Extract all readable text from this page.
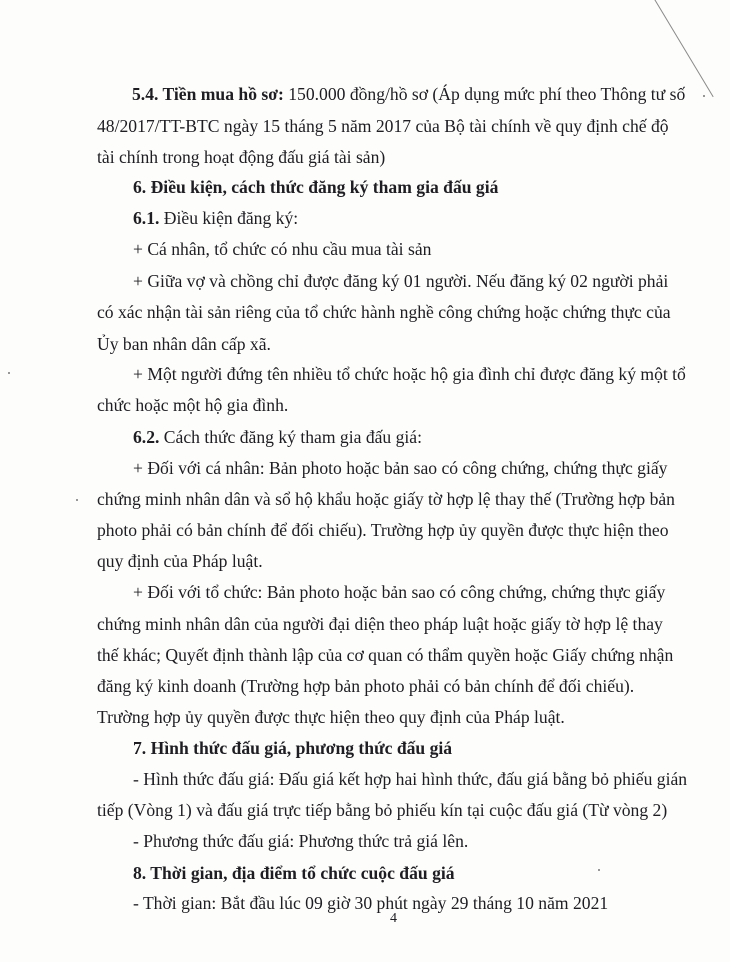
5.4. Tiền mua hồ sơ: 150.000 đồng/hồ sơ (Áp dụng mức phí theo Thông tư số
48/2017/TT-BTC ngày 15 tháng 5 năm 2017 của Bộ tài chính về quy định chế độ
tài chính trong hoạt động đấu giá tài sản)
6. Điều kiện, cách thức đăng ký tham gia đấu giá
6.1. Điều kiện đăng ký:
+ Cá nhân, tổ chức có nhu cầu mua tài sản
+ Giữa vợ và chồng chỉ được đăng ký 01 người. Nếu đăng ký 02 người phải
có xác nhận tài sản riêng của tổ chức hành nghề công chứng hoặc chứng thực của
Ủy ban nhân dân cấp xã.
+ Một người đứng tên nhiều tổ chức hoặc hộ gia đình chỉ được đăng ký một tổ
chức hoặc một hộ gia đình.
6.2. Cách thức đăng ký tham gia đấu giá:
+ Đối với cá nhân: Bản photo hoặc bản sao có công chứng, chứng thực giấy
chứng minh nhân dân và sổ hộ khẩu hoặc giấy tờ hợp lệ thay thế (Trường hợp bản
photo phải có bản chính để đối chiếu). Trường hợp ủy quyền được thực hiện theo
quy định của Pháp luật.
+ Đối với tổ chức: Bản photo hoặc bản sao có công chứng, chứng thực giấy
chứng minh nhân dân của người đại diện theo pháp luật hoặc giấy tờ hợp lệ thay
thế khác; Quyết định thành lập của cơ quan có thẩm quyền hoặc Giấy chứng nhận
đăng ký kinh doanh (Trường hợp bản photo phải có bản chính để đối chiếu).
Trường hợp ủy quyền được thực hiện theo quy định của Pháp luật.
7. Hình thức đấu giá, phương thức đấu giá
- Hình thức đấu giá: Đấu giá kết hợp hai hình thức, đấu giá bằng bỏ phiếu gián
tiếp (Vòng 1) và đấu giá trực tiếp bằng bỏ phiếu kín tại cuộc đấu giá (Từ vòng 2)
- Phương thức đấu giá: Phương thức trả giá lên.
8. Thời gian, địa điểm tổ chức cuộc đấu giá
- Thời gian: Bắt đầu lúc 09 giờ 30 phút ngày 29 tháng 10 năm 2021
4
